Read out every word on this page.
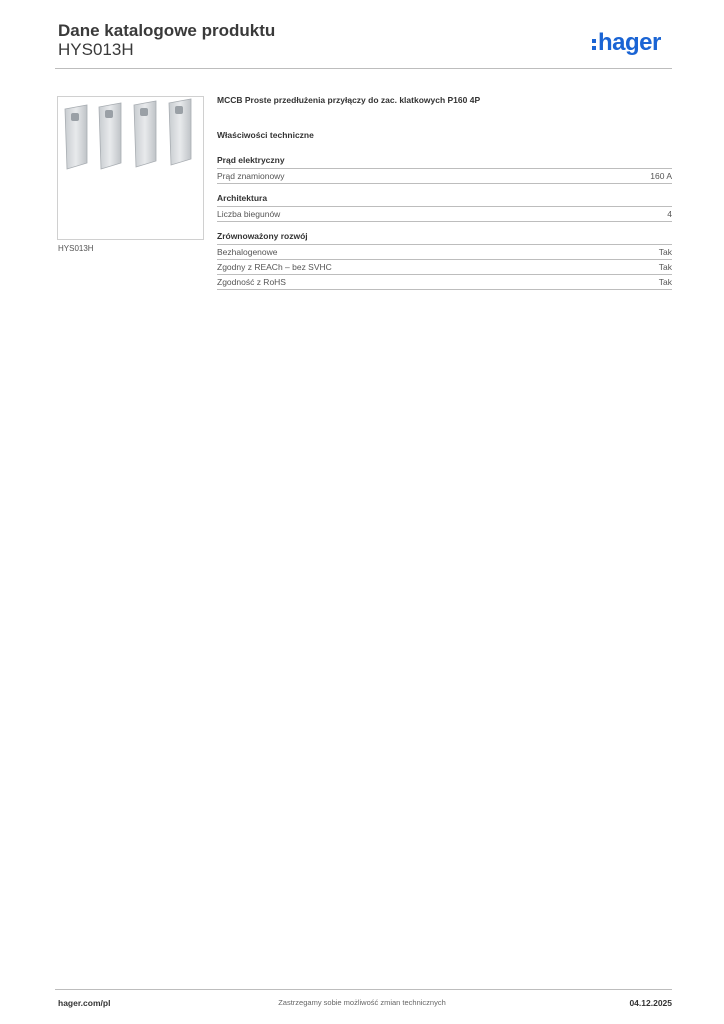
Dane katalogowe produktu
HYS013H	hager
HYS013H
MCCB Proste przedłużenia przyłączy do zac. klatkowych P160 4P
Właściwości techniczne
Prąd elektryczny
Prąd znamionowy	160 A
Architektura
Liczba biegunów	4
Zrównoważony rozwój
Bezhalogenowe	Tak
Zgodny z REACh – bez SVHC	Tak
Zgodność z RoHS	Tak
hager.com/pl	Zastrzegamy sobie możliwość zmian technicznych	04.12.2025
